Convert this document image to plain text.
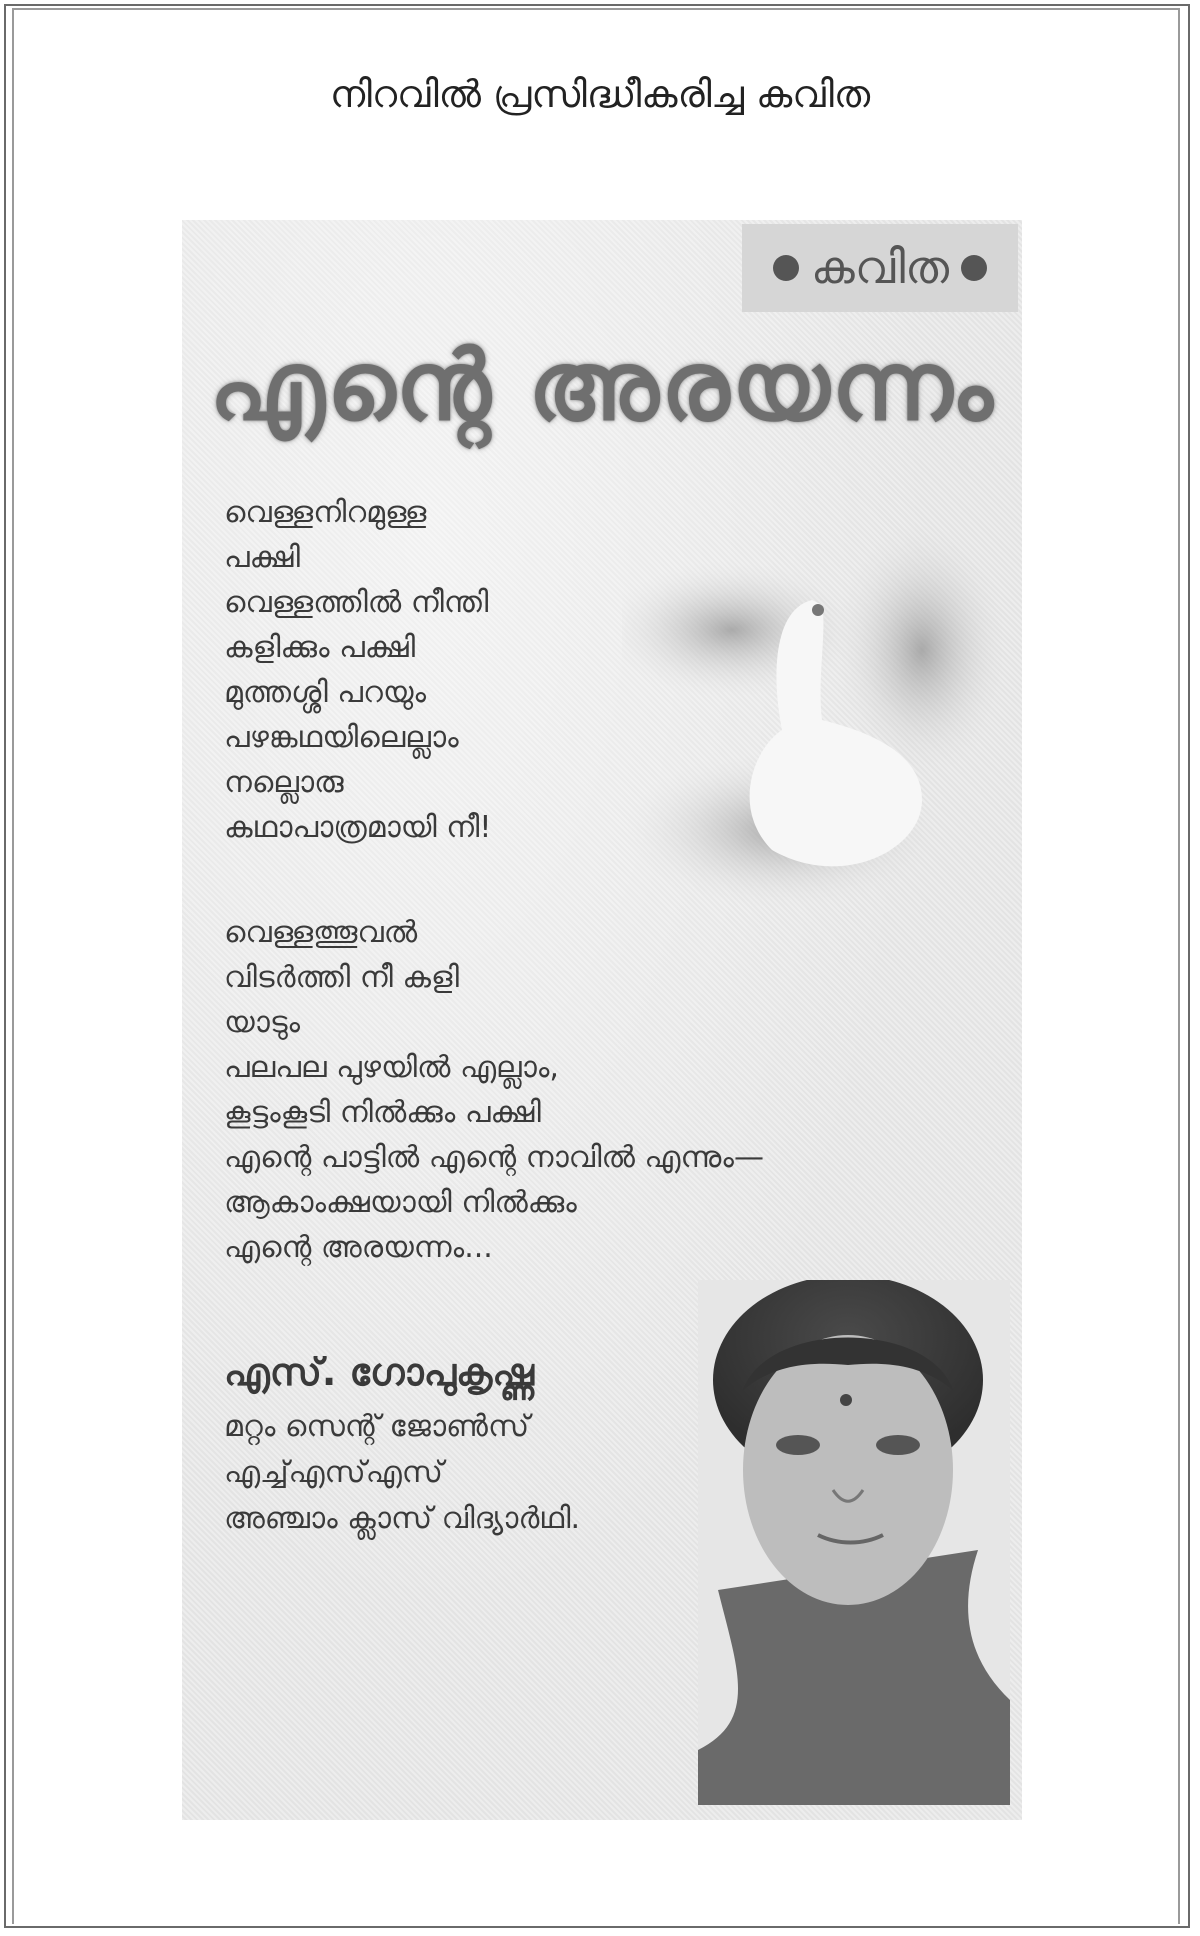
നിറവിൽ പ്രസിദ്ധീകരിച്ച കവിത
കവിത
എന്റെ അരയന്നം
വെള്ളനിറമുള്ള
പക്ഷി
വെള്ളത്തിൽ നീന്തി
കളിക്കും പക്ഷി
മുത്തശ്ശി പറയും
പഴങ്കഥയിലെല്ലാം
നല്ലൊരു
കഥാപാത്രമായി നീ!
വെള്ളത്തൂവൽ
വിടർത്തി നീ കളി
യാടും
പലപല പുഴയിൽ എല്ലാം,
കൂട്ടംകൂടി നിൽക്കും പക്ഷി
എന്റെ പാട്ടിൽ എന്റെ നാവിൽ എന്നും—
ആകാംക്ഷയായി നിൽക്കും
എന്റെ അരയന്നം...
എസ്. ഗോപുകൃഷ്ണ
മറ്റം സെന്റ് ജോൺസ്
എച്ച്എസ്എസ്
അഞ്ചാം ക്ലാസ് വിദ്യാർഥി.
